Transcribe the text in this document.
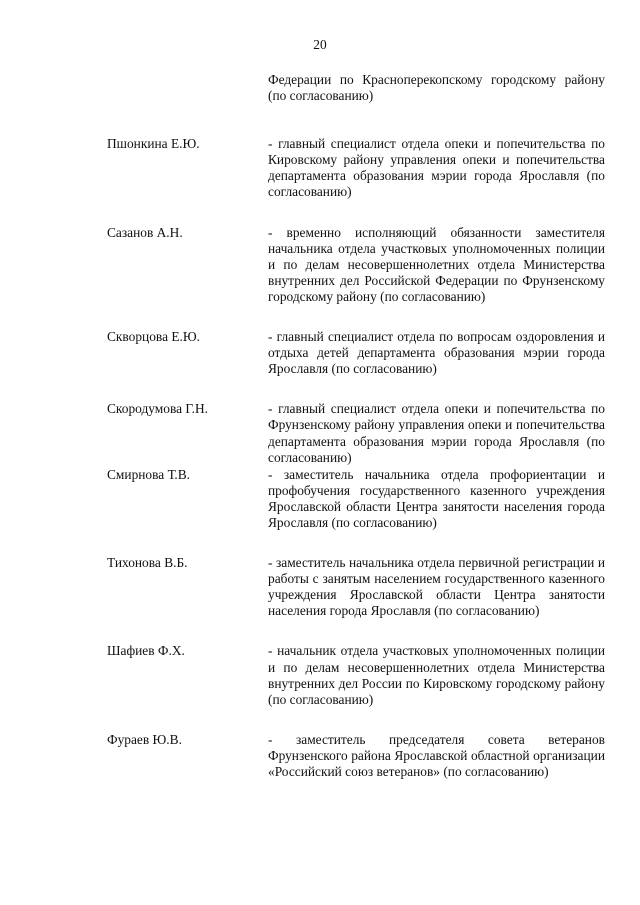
20
Федерации по Красноперекопскому городскому району (по согласованию)
Пшонкина Е.Ю.	- главный специалист отдела опеки и попечительства по Кировскому району управления опеки и попечительства департамента образования мэрии города Ярославля (по согласованию)
Сазанов А.Н.	- временно исполняющий обязанности заместителя начальника отдела участковых уполномоченных полиции и по делам несовершеннолетних отдела Министерства внутренних дел Российской Федерации по Фрунзенскому городскому району (по согласованию)
Скворцова Е.Ю.	- главный специалист отдела по вопросам оздоровления и отдыха детей департамента образования мэрии города Ярославля (по согласованию)
Скородумова Г.Н.	- главный специалист отдела опеки и попечительства по Фрунзенскому району управления опеки и попечительства департамента образования мэрии города Ярославля (по согласованию)
Смирнова Т.В.	- заместитель начальника отдела профориентации и профобучения государственного казенного учреждения Ярославской области Центра занятости населения города Ярославля (по согласованию)
Тихонова В.Б.	- заместитель начальника отдела первичной регистрации и работы с занятым населением государственного казенного учреждения Ярославской области Центра занятости населения города Ярославля (по согласованию)
Шафиев Ф.Х.	- начальник отдела участковых уполномоченных полиции и по делам несовершеннолетних отдела Министерства внутренних дел России по Кировскому городскому району (по согласованию)
Фураев Ю.В.	- заместитель председателя совета ветеранов Фрунзенского района Ярославской областной организации «Российский союз ветеранов» (по согласованию)
